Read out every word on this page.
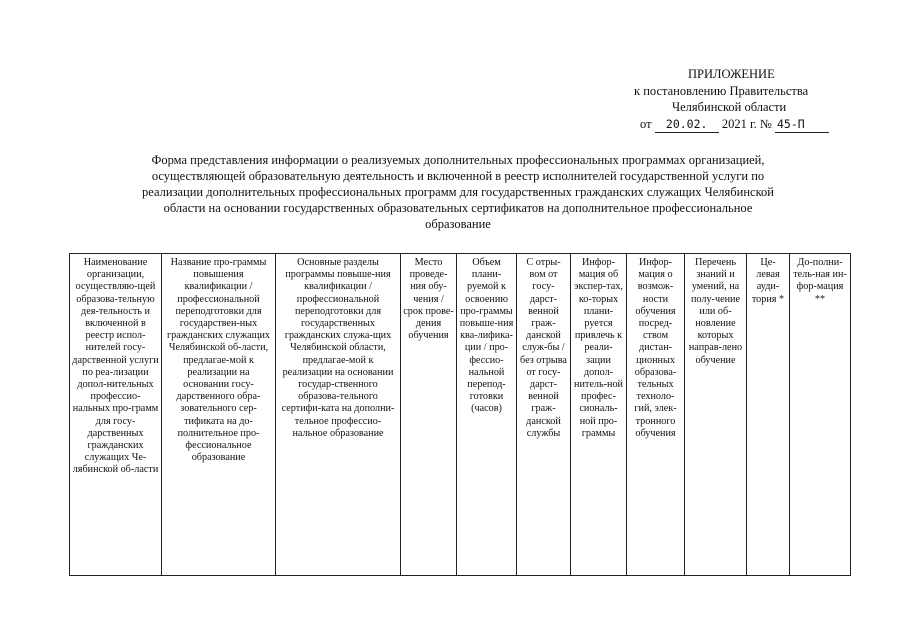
ПРИЛОЖЕНИЕ
к постановлению Правительства
Челябинской области
от 20.02. 2021 г. № 45-П
Форма представления информации о реализуемых дополнительных профессиональных программах организацией,
осуществляющей образовательную деятельность и включенной в реестр исполнителей государственной услуги по
реализации дополнительных профессиональных программ для государственных гражданских служащих Челябинской
области на основании государственных образовательных сертификатов на дополнительное профессиональное
образование
Наименование организации, осуществляю-щей образова-тельную дея-тельность и включенной в реестр испол-нителей госу-дарственной услуги по реа-лизации допол-нительных профессио-нальных про-грамм для госу-дарственных гражданских служащих Че-лябинской об-ласти	Название про-граммы повышения квалификации / профессиональной переподготовки для государствен-ных гражданских служащих Челябинской об-ласти, предлагае-мой к реализации на основании госу-дарственного обра-зовательного сер-тификата на до-полнительное про-фессиональное образование	Основные разделы программы повыше-ния квалификации / профессиональной переподготовки для государственных гражданских служа-щих Челябинской области, предлагае-мой к реализации на основании государ-ственного образова-тельного сертифи-ката на дополни-тельное профессио-нальное образование	Место проведе-ния обу-чения / срок прове-дения обучения	Объем плани-руемой к освоению про-граммы повыше-ния ква-лифика-ции / про-фессио-нальной перепод-готовки (часов)	С отры-вом от госу-дарст-венной граж-данской служ-бы / без отрыва от госу-дарст-венной граж-данской службы	Инфор-мация об экспер-тах, ко-торых плани-руется привлечь к реали-зации допол-нитель-ной профес-сиональ-ной про-граммы	Инфор-мация о возмож-ности обучения посред-ством дистан-ционных образова-тельных техноло-гий, элек-тронного обучения	Перечень знаний и умений, на полу-чение или об-новление которых направ-лено обучение	Це-левая ауди-тория *	До-полни-тель-ная ин-фор-мация **
